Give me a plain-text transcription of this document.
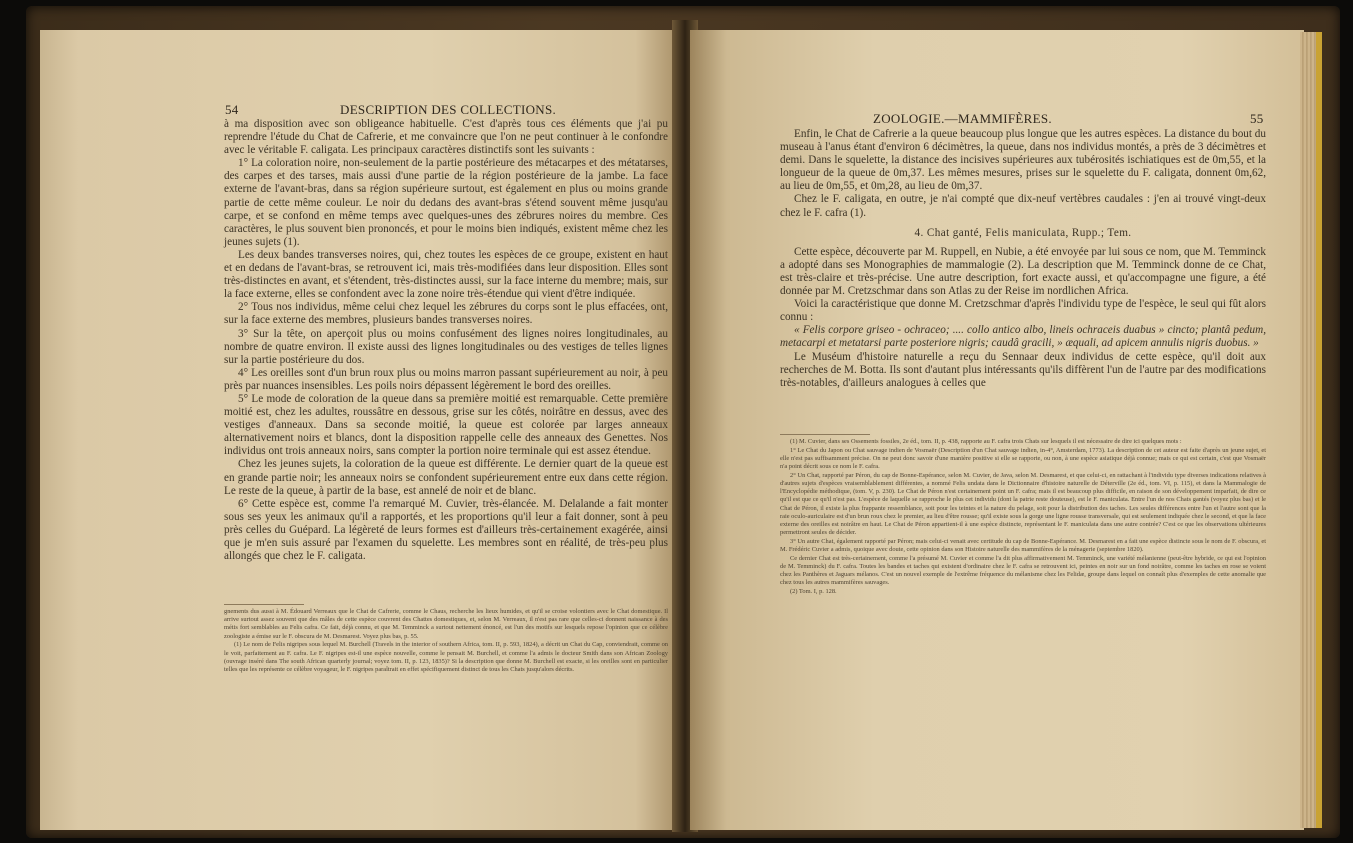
54	DESCRIPTION DES COLLECTIONS.

à ma disposition avec son obligeance habituelle. C'est d'après tous ces éléments que j'ai pu reprendre l'étude du Chat de Cafrerie, et me convaincre que l'on ne peut continuer à le confondre avec le véritable F. caligata. Les principaux caractères distinctifs sont les suivants :

1° La coloration noire, non-seulement de la partie postérieure des métacarpes et des métatarses, des carpes et des tarses, mais aussi d'une partie de la région postérieure de la jambe. La face externe de l'avant-bras, dans sa région supérieure surtout, est également en plus ou moins grande partie de cette même couleur. Le noir du dedans des avant-bras s'étend souvent même jusqu'au carpe, et se confond en même temps avec quelques-unes des zébrures noires du membre. Ces caractères, le plus souvent bien prononcés, et pour le moins bien indiqués, existent même chez les jeunes sujets (1).

Les deux bandes transverses noires, qui, chez toutes les espèces de ce groupe, existent en haut et en dedans de l'avant-bras, se retrouvent ici, mais très-modifiées dans leur disposition. Elles sont très-distinctes en avant, et s'étendent, très-distinctes aussi, sur la face interne du membre; mais, sur la face externe, elles se confondent avec la zone noire très-étendue qui vient d'être indiquée.

2° Tous nos individus, même celui chez lequel les zébrures du corps sont le plus effacées, ont, sur la face externe des membres, plusieurs bandes transverses noires.

3° Sur la tête, on aperçoit plus ou moins confusément des lignes noires longitudinales, au nombre de quatre environ. Il existe aussi des lignes longitudinales ou des vestiges de telles lignes sur la partie postérieure du dos.

4° Les oreilles sont d'un brun roux plus ou moins marron passant supérieurement au noir, à peu près par nuances insensibles. Les poils noirs dépassent légèrement le bord des oreilles.

5° Le mode de coloration de la queue dans sa première moitié est remarquable. Cette première moitié est, chez les adultes, roussâtre en dessous, grise sur les côtés, noirâtre en dessus, avec des vestiges d'anneaux. Dans sa seconde moitié, la queue est colorée par larges anneaux alternativement noirs et blancs, dont la disposition rappelle celle des anneaux des Genettes. Nos individus ont trois anneaux noirs, sans compter la portion noire terminale qui est assez étendue.

Chez les jeunes sujets, la coloration de la queue est différente. Le dernier quart de la queue est en grande partie noir; les anneaux noirs se confondent supérieurement entre eux dans cette région. Le reste de la queue, à partir de la base, est annelé de noir et de blanc.

6° Cette espèce est, comme l'a remarqué M. Cuvier, très-élancée. M. Delalande a fait monter sous ses yeux les animaux qu'il a rapportés, et les proportions qu'il leur a fait donner, sont à peu près celles du Guépard. La légèreté de leurs formes est d'ailleurs très-certainement exagérée, ainsi que je m'en suis assuré par l'examen du squelette. Les membres sont en réalité, de très-peu plus allongés que chez le F. caligata.

gnements dus aussi à M. Édouard Verreaux que le Chat de Cafrerie, comme le Chaus, recherche les lieux humides, et qu'il se croise volontiers avec le Chat domestique. Il arrive surtout assez souvent que des mâles de cette espèce couvrent des Chattes domestiques, et, selon M. Verreaux, il n'est pas rare que celles-ci donnent naissance à des métis fort semblables au Felis cafra. Ce fait, déjà connu, et que M. Temminck a surtout nettement énoncé, est l'un des motifs sur lesquels repose l'opinion que ce célèbre zoologiste a émise sur le F. obscura de M. Desmarest. Voyez plus bas, p. 55.

(1) Le nom de Felis nigripes sous lequel M. Burchell (Travels in the interior of southern Africa, tom. II, p. 593, 1824), a décrit un Chat du Cap, conviendrait, comme on le voit, parfaitement au F. cafra. Le F. nigripes est-il une espèce nouvelle, comme le pensait M. Burchell, et comme l'a admis le docteur Smith dans son African Zoology (ouvrage inséré dans The south African quarterly journal; voyez tom. II, p. 123, 1835)? Si la description que donne M. Burchell est exacte, si les oreilles sont en particulier telles que les représente ce célèbre voyageur, le F. nigripes paraîtrait en effet spécifiquement distinct de tous les Chats jusqu'alors décrits.

ZOOLOGIE.—MAMMIFÈRES.	55

Enfin, le Chat de Cafrerie a la queue beaucoup plus longue que les autres espèces. La distance du bout du museau à l'anus étant d'environ 6 décimètres, la queue, dans nos individus montés, a près de 3 décimètres et demi. Dans le squelette, la distance des incisives supérieures aux tubérosités ischiatiques est de 0m,55, et la longueur de la queue de 0m,37. Les mêmes mesures, prises sur le squelette du F. caligata, donnent 0m,62, au lieu de 0m,55, et 0m,28, au lieu de 0m,37.

Chez le F. caligata, en outre, je n'ai compté que dix-neuf vertèbres caudales : j'en ai trouvé vingt-deux chez le F. cafra (1).

4. Chat ganté, Felis maniculata, Rupp.; Tem.

Cette espèce, découverte par M. Ruppell, en Nubie, a été envoyée par lui sous ce nom, que M. Temminck a adopté dans ses Monographies de mammalogie (2). La description que M. Temminck donne de ce Chat, est très-claire et très-précise. Une autre description, fort exacte aussi, et qu'accompagne une figure, a été donnée par M. Cretzschmar dans son Atlas zu der Reise im nordlichen Africa.

Voici la caractéristique que donne M. Cretzschmar d'après l'individu type de l'espèce, le seul qui fût alors connu :

« Felis corpore griseo - ochraceo; .... collo antico albo, lineis ochraceis duabus » cincto; plantâ pedum, metacarpi et metatarsi parte posteriore nigris; caudâ gracili, » æquali, ad apicem annulis nigris duobus. »

Le Muséum d'histoire naturelle a reçu du Sennaar deux individus de cette espèce, qu'il doit aux recherches de M. Botta. Ils sont d'autant plus intéressants qu'ils diffèrent l'un de l'autre par des modifications très-notables, d'ailleurs analogues à celles que

(1) M. Cuvier, dans ses Ossements fossiles, 2e éd., tom. II, p. 438, rapporte au F. cafra trois Chats sur lesquels il est nécessaire de dire ici quelques mots :

1° Le Chat du Japon ou Chat sauvage indien de Vosmaër (Description d'un Chat sauvage indien, in-4°, Amsterdam, 1773). La description de cet auteur est faite d'après un jeune sujet, et elle n'est pas suffisamment précise. On ne peut donc savoir d'une manière positive si elle se rapporte, ou non, à une espèce asiatique déjà connue; mais ce qui est certain, c'est que Vosmaër n'a point décrit sous ce nom le F. cafra.

2° Un Chat, rapporté par Péron, du cap de Bonne-Espérance, selon M. Cuvier, de Java, selon M. Desmarest, et que celui-ci, en rattachant à l'individu type diverses indications relatives à d'autres sujets d'espèces vraisemblablement différentes, a nommé Felis undata dans le Dictionnaire d'histoire naturelle de Déterville (2e éd., tom. VI, p. 115), et dans la Mammalogie de l'Encyclopédie méthodique, (tom. V, p. 230). Le Chat de Péron n'est certainement point un F. cafra; mais il est beaucoup plus difficile, en raison de son développement imparfait, de dire ce qu'il est que ce qu'il n'est pas. L'espèce de laquelle se rapproche le plus cet individu (dont la patrie reste douteuse), est le F. maniculata. Entre l'un de nos Chats gantés (voyez plus bas) et le Chat de Péron, il existe la plus frappante ressemblance, soit pour les teintes et la nature du pelage, soit pour la distribution des taches. Les seules différences entre l'un et l'autre sont que la raie oculo-auriculaire est d'un brun roux chez le premier, au lieu d'être rousse; qu'il existe sous la gorge une ligne rousse transversale, qui est seulement indiquée chez le second, et que la face externe des oreilles est noirâtre en haut. Le Chat de Péron appartient-il à une espèce distincte, représentant le F. maniculata dans une autre contrée? C'est ce que les observations ultérieures permettront seules de décider.

3° Un autre Chat, également rapporté par Péron; mais celui-ci venait avec certitude du cap de Bonne-Espérance. M. Desmarest en a fait une espèce distincte sous le nom de F. obscura, et M. Frédéric Cuvier a admis, quoique avec doute, cette opinion dans son Histoire naturelle des mammifères de la ménagerie (septembre 1820).

Ce dernier Chat est très-certainement, comme l'a présumé M. Cuvier et comme l'a dit plus affirmativement M. Temminck, une variété mélanienne (peut-être hybride, ce qui est l'opinion de M. Temminck) du F. cafra. Toutes les bandes et taches qui existent d'ordinaire chez le F. cafra se retrouvent ici, peintes en noir sur un fond noirâtre, comme les taches en rose se voient chez les Panthères et Jaguars mélanos. C'est un nouvel exemple de l'extrême fréquence du mélanisme chez les Felidæ, groupe dans lequel on connaît plus d'exemples de cette anomalie que chez tous les autres mammifères sauvages.

(2) Tom. I, p. 128.
